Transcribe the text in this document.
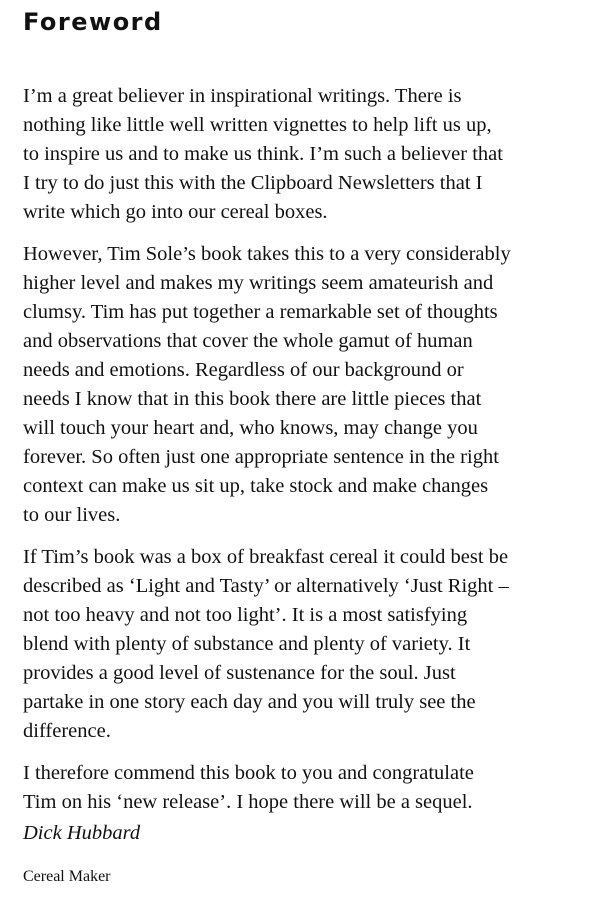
Foreword

I’m a great believer in inspirational writings. There is
nothing like little well written vignettes to help lift us up,
to inspire us and to make us think. I’m such a believer that
I try to do just this with the Clipboard Newsletters that I
write which go into our cereal boxes.

However, Tim Sole’s book takes this to a very considerably
higher level and makes my writings seem amateurish and
clumsy. Tim has put together a remarkable set of thoughts
and observations that cover the whole gamut of human
needs and emotions. Regardless of our background or
needs I know that in this book there are little pieces that
will touch your heart and, who knows, may change you
forever. So often just one appropriate sentence in the right
context can make us sit up, take stock and make changes
to our lives.

If Tim’s book was a box of breakfast cereal it could best be
described as ‘Light and Tasty’ or alternatively ‘Just Right –
not too heavy and not too light’. It is a most satisfying
blend with plenty of substance and plenty of variety. It
provides a good level of sustenance for the soul. Just
partake in one story each day and you will truly see the
difference.

I therefore commend this book to you and congratulate
Tim on his ‘new release’. I hope there will be a sequel.

Dick Hubbard

Cereal Maker
